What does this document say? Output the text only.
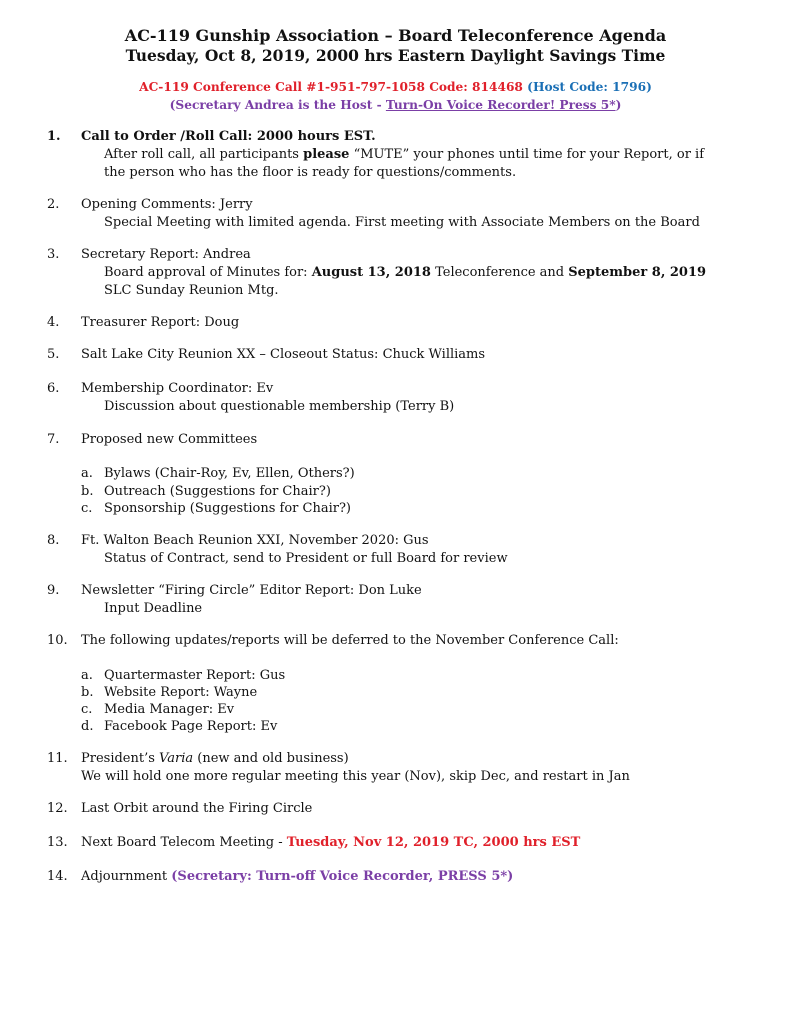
AC-119 Gunship Association – Board Teleconference Agenda
Tuesday, Oct 8, 2019, 2000 hrs Eastern Daylight Savings Time
AC-119 Conference Call #1-951-797-1058 Code: 814468 (Host Code: 1796)
(Secretary Andrea is the Host - Turn-On Voice Recorder! Press 5*)
1. Call to Order /Roll Call: 2000 hours EST.
After roll call, all participants please “MUTE” your phones until time for your Report, or if
the person who has the floor is ready for questions/comments.
2. Opening Comments: Jerry
Special Meeting with limited agenda. First meeting with Associate Members on the Board
3. Secretary Report: Andrea
Board approval of Minutes for: August 13, 2018 Teleconference and September 8, 2019
SLC Sunday Reunion Mtg.
4. Treasurer Report: Doug
5. Salt Lake City Reunion XX – Closeout Status: Chuck Williams
6. Membership Coordinator: Ev
Discussion about questionable membership (Terry B)
7. Proposed new Committees
a. Bylaws (Chair-Roy, Ev, Ellen, Others?)
b. Outreach (Suggestions for Chair?)
c. Sponsorship (Suggestions for Chair?)
8. Ft. Walton Beach Reunion XXI, November 2020: Gus
Status of Contract, send to President or full Board for review
9. Newsletter “Firing Circle” Editor Report: Don Luke
Input Deadline
10. The following updates/reports will be deferred to the November Conference Call:
a. Quartermaster Report: Gus
b. Website Report: Wayne
c. Media Manager: Ev
d. Facebook Page Report: Ev
11. President’s Varia (new and old business)
We will hold one more regular meeting this year (Nov), skip Dec, and restart in Jan
12. Last Orbit around the Firing Circle
13. Next Board Telecom Meeting - Tuesday, Nov 12, 2019 TC, 2000 hrs EST
14. Adjournment (Secretary: Turn-off Voice Recorder, PRESS 5*)
